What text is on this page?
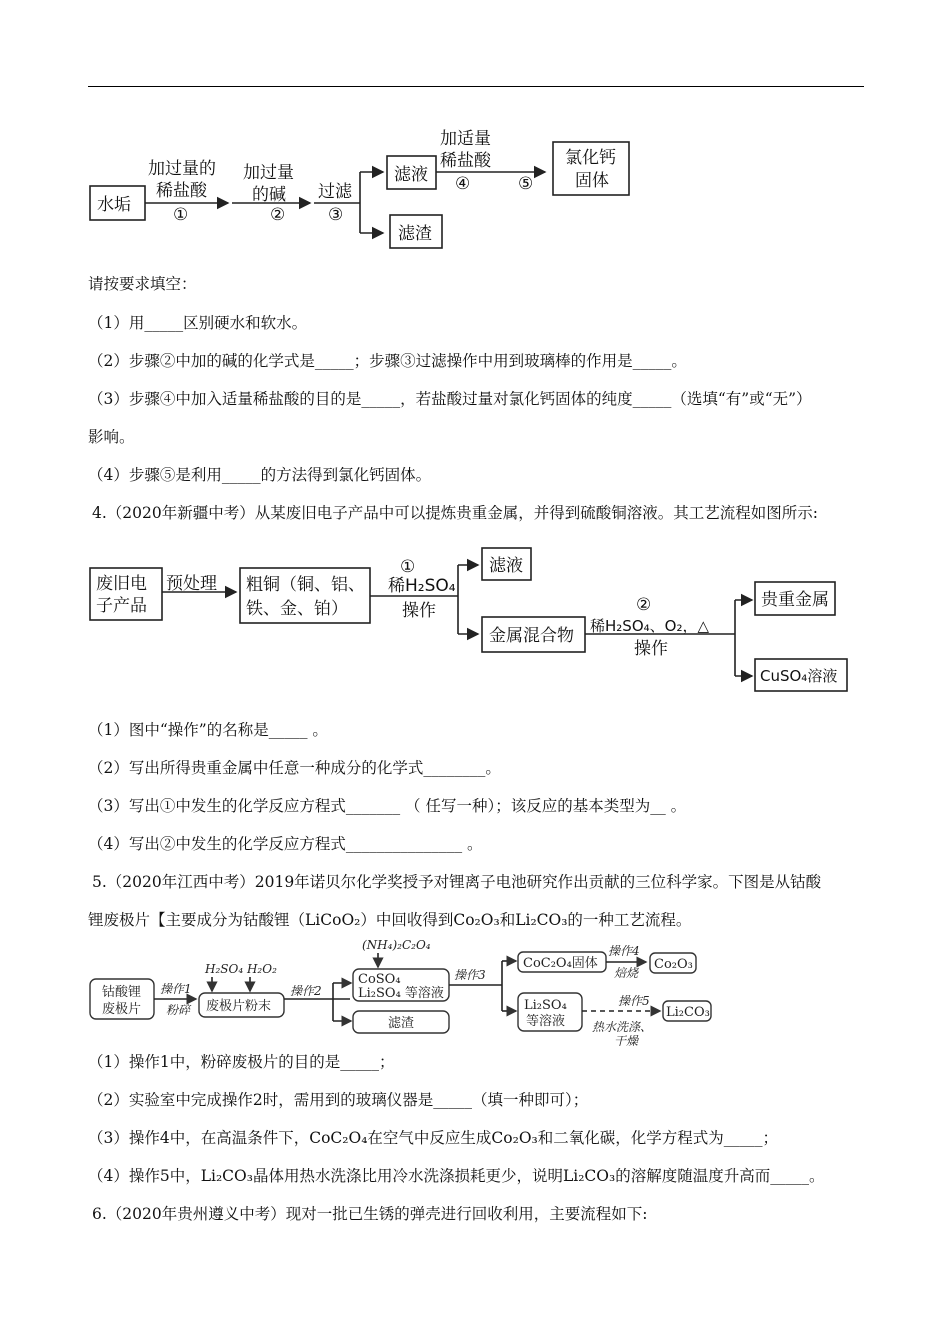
水垢
加过量的
稀盐酸
①
加过量
的碱
②
过滤
③
滤液
滤渣
加适量
稀盐酸
④	⑤
氯化钙
固体
请按要求填空：
（1）用_____区别硬水和软水。
（2）步骤②中加的碱的化学式是_____；步骤③过滤操作中用到玻璃棒的作用是_____。
（3）步骤④中加入适量稀盐酸的目的是_____，若盐酸过量对氯化钙固体的纯度_____（选填“有”或“无”）
影响。
（4）步骤⑤是利用_____的方法得到氯化钙固体。
4.（2020年新疆中考）从某废旧电子产品中可以提炼贵重金属，并得到硫酸铜溶液。其工艺流程如图所示:
废旧电
子产品
预处理 粗铜（铜、铝、
铁、金、铂）
①
稀H₂SO₄
操作
滤液
金属混合物
②
稀H₂SO₄、O₂，△
操作
贵重金属
CuSO₄溶液
（1）图中“操作”的名称是_____ 。
（2）写出所得贵重金属中任意一种成分的化学式________。
（3）写出①中发生的化学反应方程式_______ （ 任写一种）；该反应的基本类型为__ 。
（4）写出②中发生的化学反应方程式_______________ 。
5.（2020年江西中考）2019年诺贝尔化学奖授予对锂离子电池研究作出贡献的三位科学家。下图是从钴酸
锂废极片【主要成分为钴酸锂（LiCoO₂）中回收得到Co₂O₃和Li₂CO₃的一种工艺流程。
钴酸锂
废极片
操作1
粉碎
H₂SO₄ H₂O₂
废极片粉末
操作2
(NH₄)₂C₂O₄
CoSO₄
Li₂SO₄ 等溶液
滤渣
操作3
CoC₂O₄固体
操作4
焙烧
Co₂O₃
Li₂SO₄
等溶液
操作5
热水洗涤、
干燥
Li₂CO₃
（1）操作1中，粉碎废极片的目的是_____；
（2）实验室中完成操作2时，需用到的玻璃仪器是_____（填一种即可）；
（3）操作4中，在高温条件下，CoC₂O₄在空气中反应生成Co₂O₃和二氧化碳，化学方程式为_____；
（4）操作5中，Li₂CO₃晶体用热水洗涤比用冷水洗涤损耗更少，说明Li₂CO₃的溶解度随温度升高而_____。
6.（2020年贵州遵义中考）现对一批已生锈的弹壳进行回收利用，主要流程如下:
